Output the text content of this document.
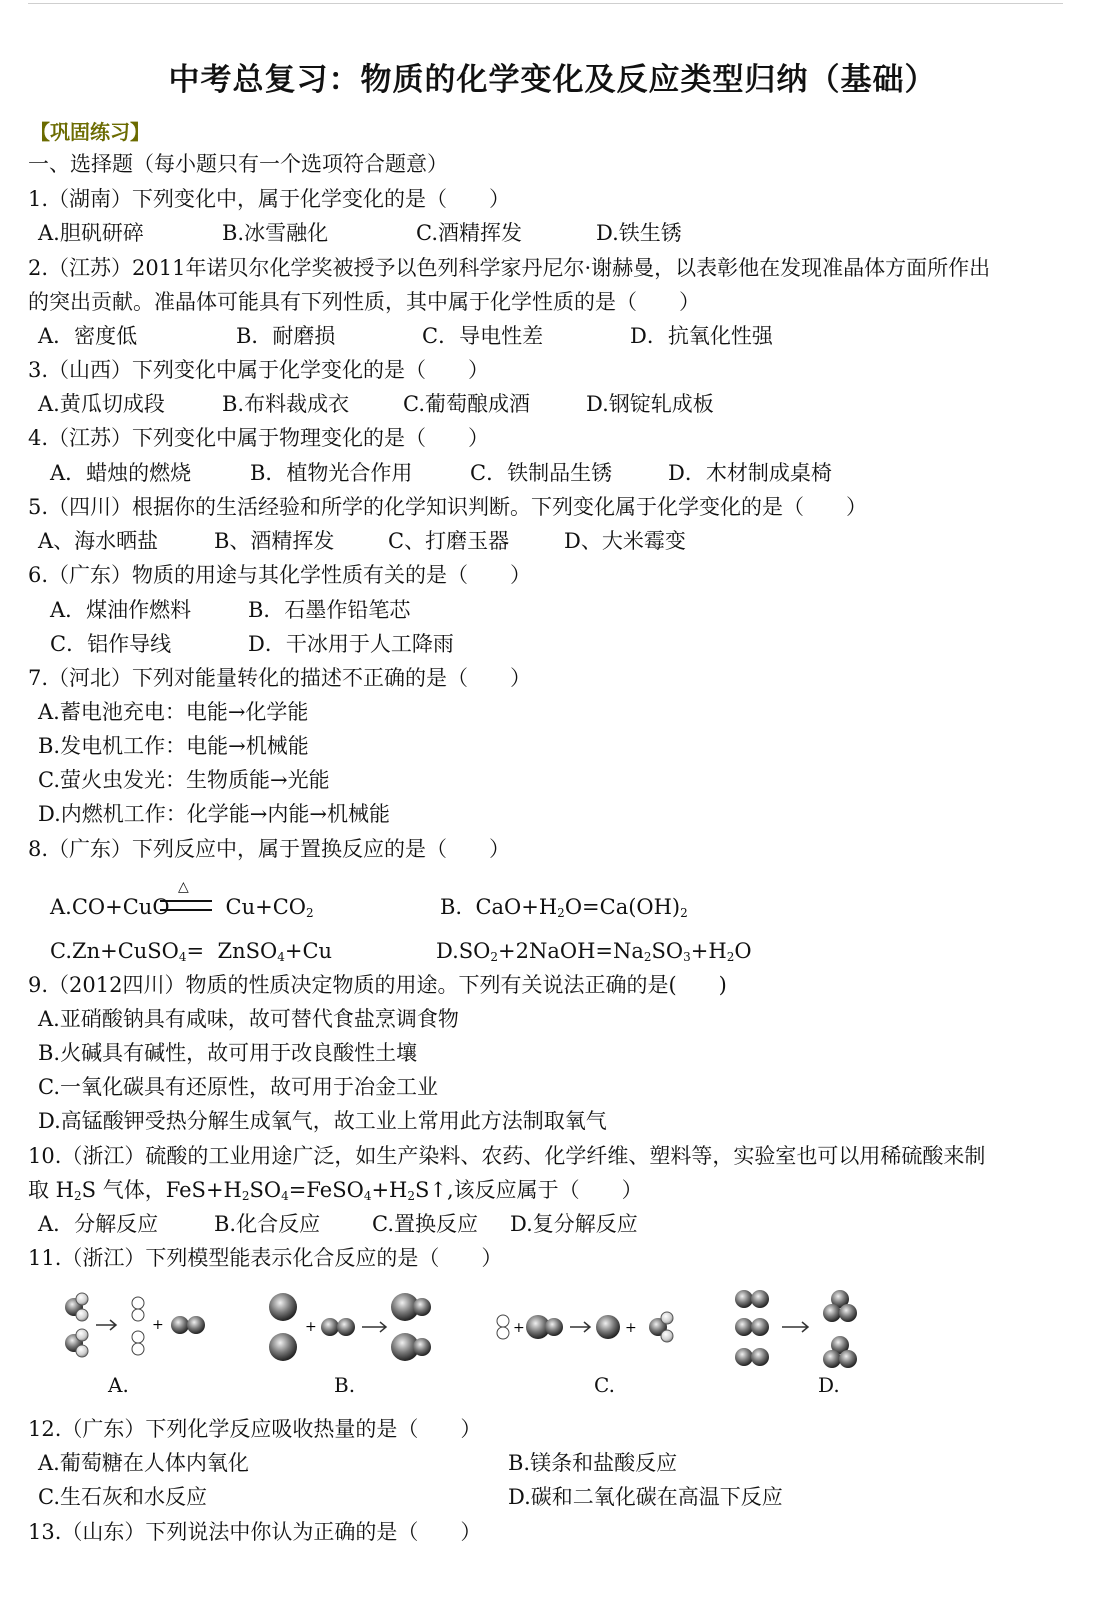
中考总复习：物质的化学变化及反应类型归纳（基础）
【巩固练习】
一、选择题（每小题只有一个选项符合题意）
1.（湖南）下列变化中，属于化学变化的是（　　）
A.胆矾研碎	B.冰雪融化	C.酒精挥发	D.铁生锈
2.（江苏）2011年诺贝尔化学奖被授予以色列科学家丹尼尔·谢赫曼，以表彰他在发现准晶体方面所作出
的突出贡献。准晶体可能具有下列性质，其中属于化学性质的是（　　）
A．密度低	B．耐磨损	C．导电性差	D．抗氧化性强
3.（山西）下列变化中属于化学变化的是（　　）
A.黄瓜切成段	B.布料裁成衣	C.葡萄酿成酒	D.钢锭轧成板
4.（江苏）下列变化中属于物理变化的是（　　）
A．蜡烛的燃烧	B．植物光合作用	C．铁制品生锈	D．木材制成桌椅
5.（四川）根据你的生活经验和所学的化学知识判断。下列变化属于化学变化的是（　　）
A、海水晒盐	B、酒精挥发	C、打磨玉器	D、大米霉变
6.（广东）物质的用途与其化学性质有关的是（　　）
A．煤油作燃料	B．石墨作铅笔芯
C．铝作导线	D．干冰用于人工降雨
7.（河北）下列对能量转化的描述不正确的是（　　）
A.蓄电池充电：电能→化学能
B.发电机工作：电能→机械能
C.萤火虫发光：生物质能→光能
D.内燃机工作：化学能→内能→机械能
8.（广东）下列反应中，属于置换反应的是（　　）
△
A.CO+CuO	$Cu+CO_2$	B.  $CaO+H_2O=Ca(OH)_2$
C.Zn+CuSO$_4$=  ZnSO$_4$+Cu	$D.SO_2+2NaOH=Na_2SO_3+H_2O$
9.（2012四川）物质的性质决定物质的用途。下列有关说法正确的是(　　)
A.亚硝酸钠具有咸味，故可替代食盐烹调食物
B.火碱具有碱性，故可用于改良酸性土壤
C.一氧化碳具有还原性，故可用于冶金工业
D.高锰酸钾受热分解生成氧气，故工业上常用此方法制取氧气
10.（浙江）硫酸的工业用途广泛，如生产染料、农药、化学纤维、塑料等，实验室也可以用稀硫酸来制
取 $H_2S$ 气体，$FeS+H_2SO_4=FeSO_4+H_2S↑$,该反应属于（　　）
A．分解反应	B.化合反应 C.置换反应 D.复分解反应
11.（浙江）下列模型能表示化合反应的是（　　）
+	+	+	+
A.	B.	C.	D.
12.（广东）下列化学反应吸收热量的是（　　）
A.葡萄糖在人体内氧化	B.镁条和盐酸反应
C.生石灰和水反应	D.碳和二氧化碳在高温下反应
13.（山东）下列说法中你认为正确的是（　　）
